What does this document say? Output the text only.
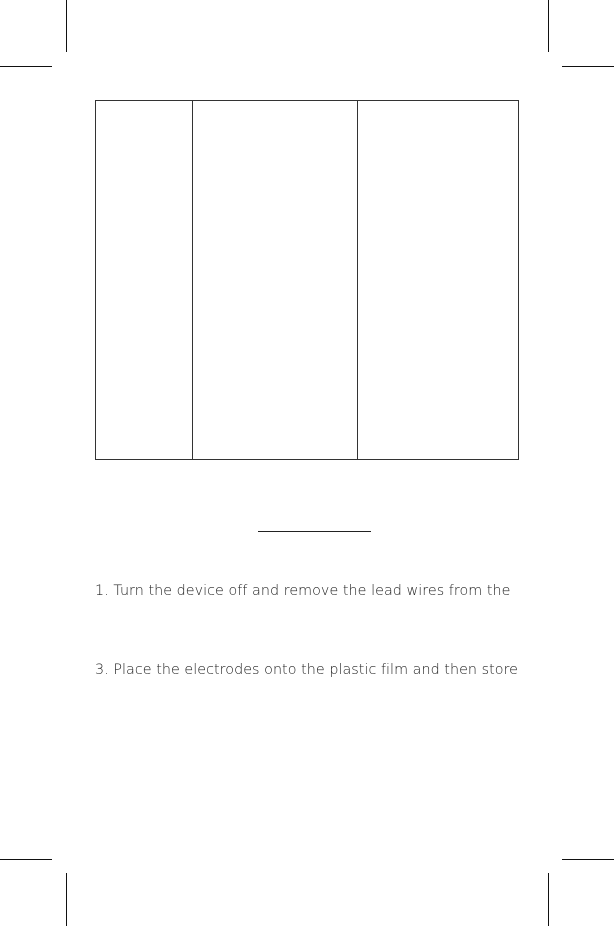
1. Turn the device off and remove the lead wires from the
3. Place the electrodes onto the plastic film and then store
